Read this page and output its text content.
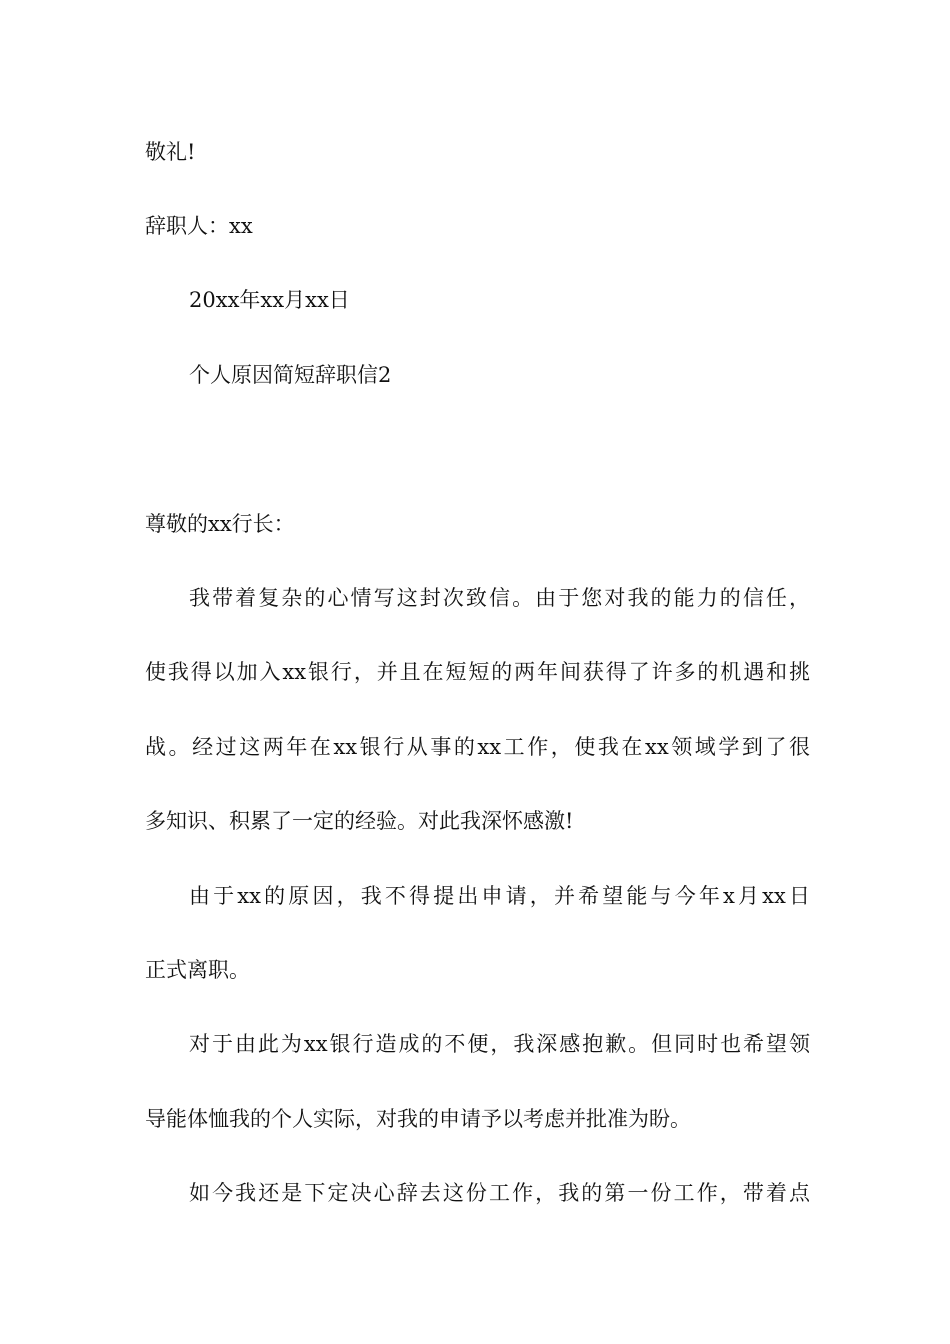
敬礼!
辞职人：xx
20xx年xx月xx日
个人原因简短辞职信2
尊敬的xx行长：
我带着复杂的心情写这封次致信。由于您对我的能力的信任，
使我得以加入xx银行，并且在短短的两年间获得了许多的机遇和挑
战。经过这两年在xx银行从事的xx工作，使我在xx领域学到了很
多知识、积累了一定的经验。对此我深怀感激!
由于xx的原因，我不得提出申请，并希望能与今年x月xx日
正式离职。
对于由此为xx银行造成的不便，我深感抱歉。但同时也希望领
导能体恤我的个人实际，对我的申请予以考虑并批准为盼。
如今我还是下定决心辞去这份工作，我的第一份工作，带着点
